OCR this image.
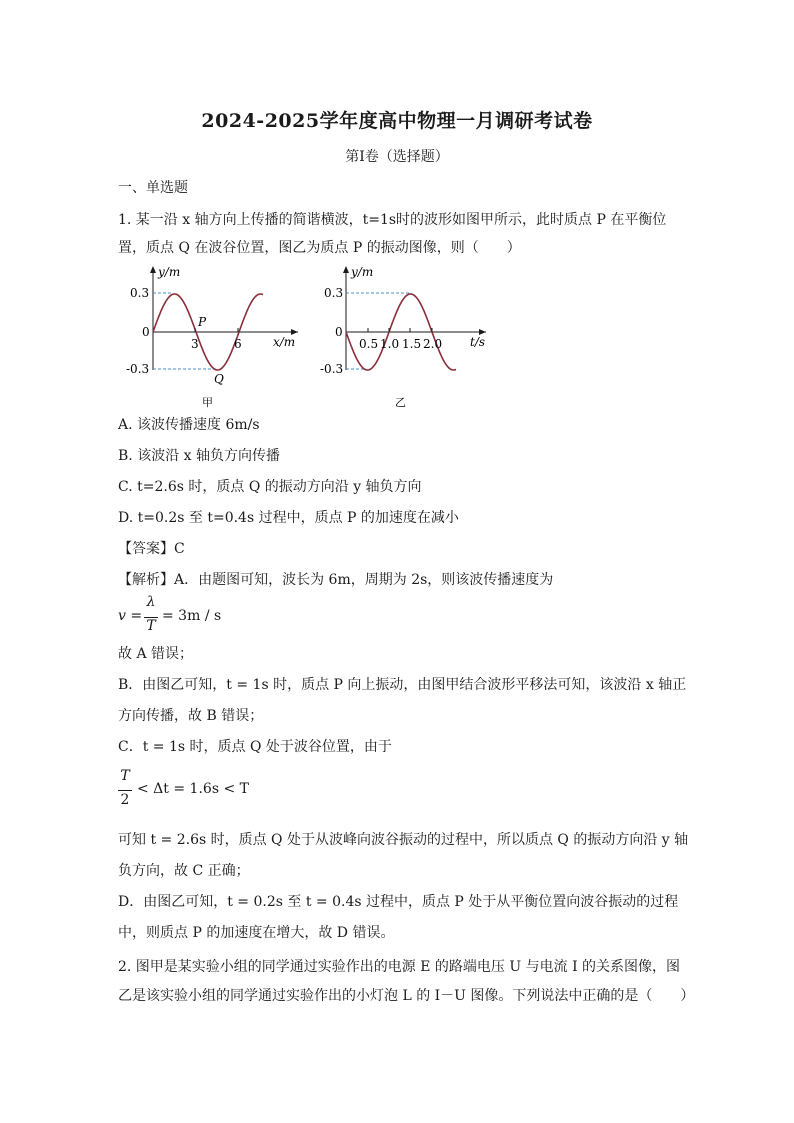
2024-2025学年度高中物理一月调研考试卷
第I卷（选择题）
一、单选题
1. 某一沿 x 轴方向上传播的简谐横波，t=1s时的波形如图甲所示，此时质点 P 在平衡位
置，质点 Q 在波谷位置，图乙为质点 P 的振动图像，则（　　）
y/m
0.3
0
-0.3
3	6	x/m
P
Q
甲
y/m
0.3
0
-0.3
0.5 1.0 1.5 2.0 t/s
乙
A. 该波传播速度 6m/s
B. 该波沿 x 轴负方向传播
C. t=2.6s 时，质点 Q 的振动方向沿 y 轴负方向
D. t=0.2s 至 t=0.4s 过程中，质点 P 的加速度在减小
【答案】C
【解析】A．由题图可知，波长为 6m，周期为 2s，则该波传播速度为
v =
λ
T
= 3m / s
故 A 错误；
B．由图乙可知，t = 1s 时，质点 P 向上振动，由图甲结合波形平移法可知，该波沿 x 轴正
方向传播，故 B 错误；
C．t = 1s 时，质点 Q 处于波谷位置，由于
T
2
< Δt = 1.6s < T
可知 t = 2.6s 时，质点 Q 处于从波峰向波谷振动的过程中，所以质点 Q 的振动方向沿 y 轴
负方向，故 C 正确；
D．由图乙可知，t = 0.2s 至 t = 0.4s 过程中，质点 P 处于从平衡位置向波谷振动的过程
中，则质点 P 的加速度在增大，故 D 错误。
2. 图甲是某实验小组的同学通过实验作出的电源 E 的路端电压 U 与电流 I 的关系图像，图
乙是该实验小组的同学通过实验作出的小灯泡 L 的 I－U 图像。下列说法中正确的是（　　）
